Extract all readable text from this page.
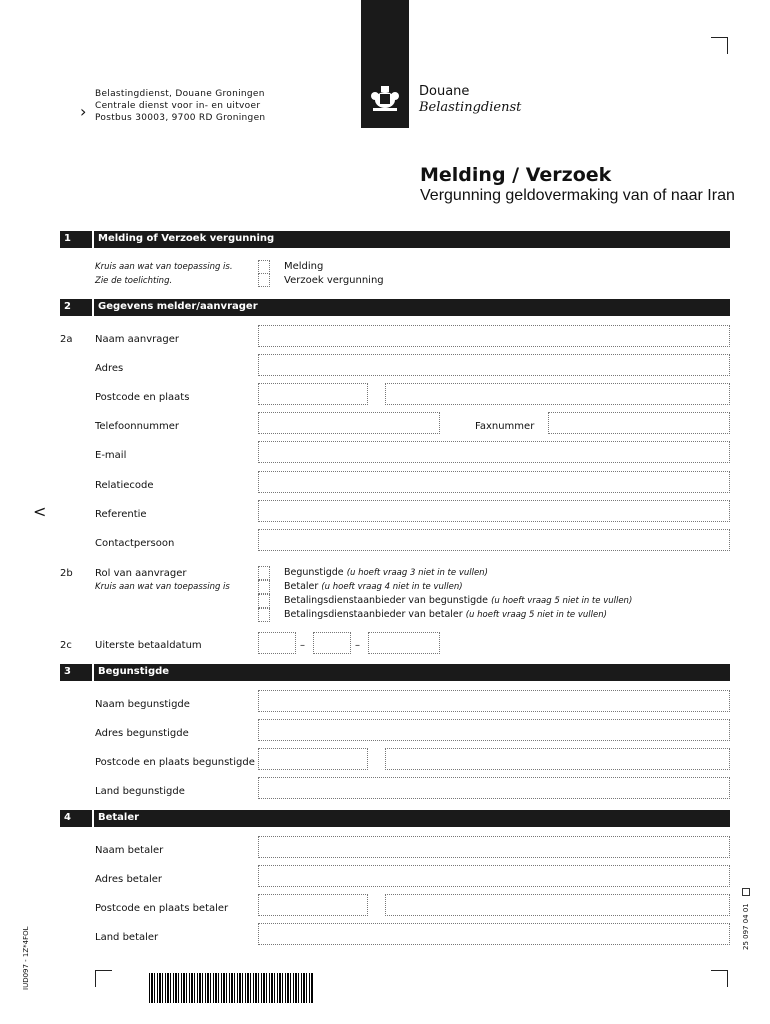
Douane
Belastingdienst
›
Belastingdienst, Douane Groningen
Centrale dienst voor in- en uitvoer
Postbus 30003, 9700 RD Groningen
<
Melding / Verzoek
Vergunning geldovermaking van of naar Iran
1	Melding of Verzoek vergunning
Kruis aan wat van toepassing is.
Zie de toelichting.
Melding
Verzoek vergunning
2	Gegevens melder/aanvrager
2a Naam aanvrager
Adres
Postcode en plaats
Telefoonnummer	Faxnummer
E-mail
Relatiecode
Referentie
Contactpersoon
2b Rol van aanvrager
Kruis aan wat van toepassing is
Begunstigde (u hoeft vraag 3 niet in te vullen)
Betaler (u hoeft vraag 4 niet in te vullen)
Betalingsdienstaanbieder van begunstigde (u hoeft vraag 5 niet in te vullen)
Betalingsdienstaanbieder van betaler (u hoeft vraag 5 niet in te vullen)
2c Uiterste betaaldatum	–	–
3	Begunstigde
Naam begunstigde
Adres begunstigde
Postcode en plaats begunstigde
Land begunstigde
4	Betaler
Naam betaler
Adres betaler
Postcode en plaats betaler
Land betaler
IUD097 - 1Z*4FOL	25 097 04 01
